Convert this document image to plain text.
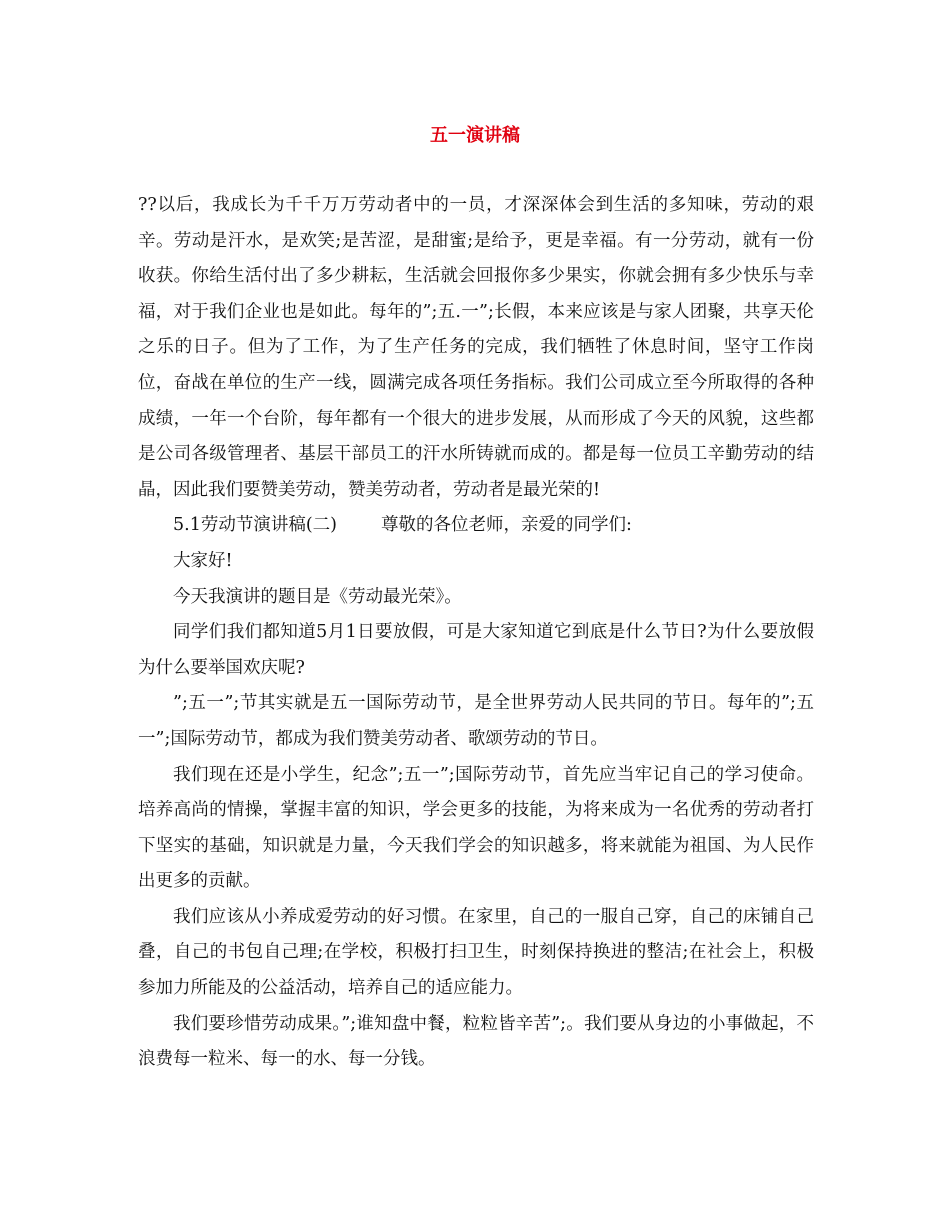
五一演讲稿

??以后，我成长为千千万万劳动者中的一员，才深深体会到生活的多知味，劳动的艰辛。劳动是汗水，是欢笑;是苦涩，是甜蜜;是给予，更是幸福。有一分劳动，就有一份收获。你给生活付出了多少耕耘，生活就会回报你多少果实，你就会拥有多少快乐与幸福，对于我们企业也是如此。每年的”;五.一”;长假，本来应该是与家人团聚，共享天伦之乐的日子。但为了工作，为了生产任务的完成，我们牺牲了休息时间，坚守工作岗位，奋战在单位的生产一线，圆满完成各项任务指标。我们公司成立至今所取得的各种成绩，一年一个台阶，每年都有一个很大的进步发展，从而形成了今天的风貌，这些都是公司各级管理者、基层干部员工的汗水所铸就而成的。都是每一位员工辛勤劳动的结晶，因此我们要赞美劳动，赞美劳动者，劳动者是最光荣的!

5.1劳动节演讲稿(二)	尊敬的各位老师，亲爱的同学们:

大家好!

今天我演讲的题目是《劳动最光荣》。

同学们我们都知道5月1日要放假，可是大家知道它到底是什么节日?为什么要放假为什么要举国欢庆呢?

”;五一”;节其实就是五一国际劳动节，是全世界劳动人民共同的节日。每年的”;五一”;国际劳动节，都成为我们赞美劳动者、歌颂劳动的节日。

我们现在还是小学生，纪念”;五一”;国际劳动节，首先应当牢记自己的学习使命。培养高尚的情操，掌握丰富的知识，学会更多的技能，为将来成为一名优秀的劳动者打下坚实的基础，知识就是力量，今天我们学会的知识越多，将来就能为祖国、为人民作出更多的贡献。

我们应该从小养成爱劳动的好习惯。在家里，自己的一服自己穿，自己的床铺自己叠，自己的书包自己理;在学校，积极打扫卫生，时刻保持换进的整洁;在社会上，积极参加力所能及的公益活动，培养自己的适应能力。

我们要珍惜劳动成果。”;谁知盘中餐，粒粒皆辛苦”;。我们要从身边的小事做起，不浪费每一粒米、每一的水、每一分钱。
